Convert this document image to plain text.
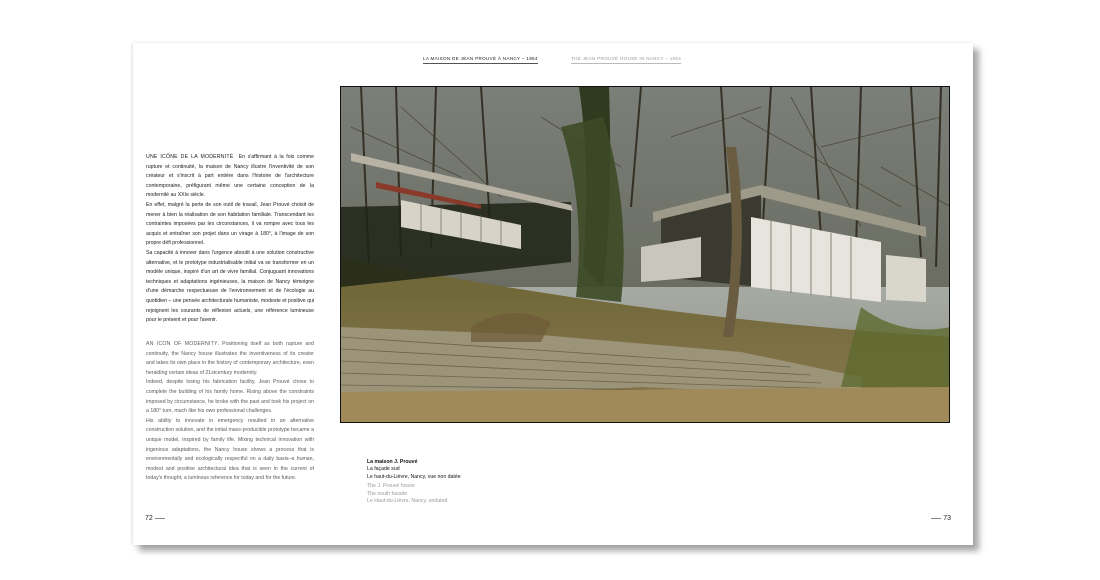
LA MAISON DE JEAN PROUVÉ À NANCY – 1954	THE JEAN PROUVÉ HOUSE IN NANCY – 1954

UNE ICÔNE DE LA MODERNITÉ En s'affirmant à la fois comme rupture et continuité, la maison de Nancy illustre l'inventivité de son créateur et s'inscrit à part entière dans l'histoire de l'architecture contemporaine, préfigurant même une certaine conception de la modernité au XXIe siècle.

En effet, malgré la perte de son outil de travail, Jean Prouvé choisit de mener à bien la réalisation de son habitation familiale. Transcendant les contraintes imposées par les circonstances, il va rompre avec tous les acquis et entraîner son projet dans un virage à 180°, à l'image de son propre défi professionnel.

Sa capacité à innover dans l'urgence aboutit à une solution constructive alternative, et le prototype industrialisable initial va se transformer en un modèle unique, inspiré d'un art de vivre familial. Conjuguant innovations techniques et adaptations ingénieuses, la maison de Nancy témoigne d'une démarche respectueuse de l'environnement et de l'écologie au quotidien – une pensée architecturale humaniste, modeste et positive qui rejoignent les courants de réflexion actuels, une référence lumineuse pour le présent et pour l'avenir.

AN ICON OF MODERNITY. Positioning itself as both rupture and continuity, the Nancy house illustrates the inventiveness of its creator and takes its own place in the history of contemporary architecture, even heralding certain ideas of 21stcentury modernity.

Indeed, despite losing his fabrication facility, Jean Prouvé chose to complete the building of his family home. Rising above the constraints imposed by circumstance, he broke with the past and took his project on a 180° turn, much like his own professional challenges.

His ability to innovate in emergency resulted in an alternative construction solution, and the initial mass-producible prototype became a unique model, inspired by family life. Mixing technical innovation with ingenious adaptations, the Nancy house shows a process that is environmentally and ecologically respectful on a daily basis–a human, modest and positive architectural idea that is seen in the current of today's thought, a luminous reference for today and for the future.

La maison J. Prouvé
La façade sud
Le haut-du-Lièvre, Nancy, vue non datée
The J. Prouvé house
The south facade
Le Haut-du-Lièvre, Nancy, undated
72	73
